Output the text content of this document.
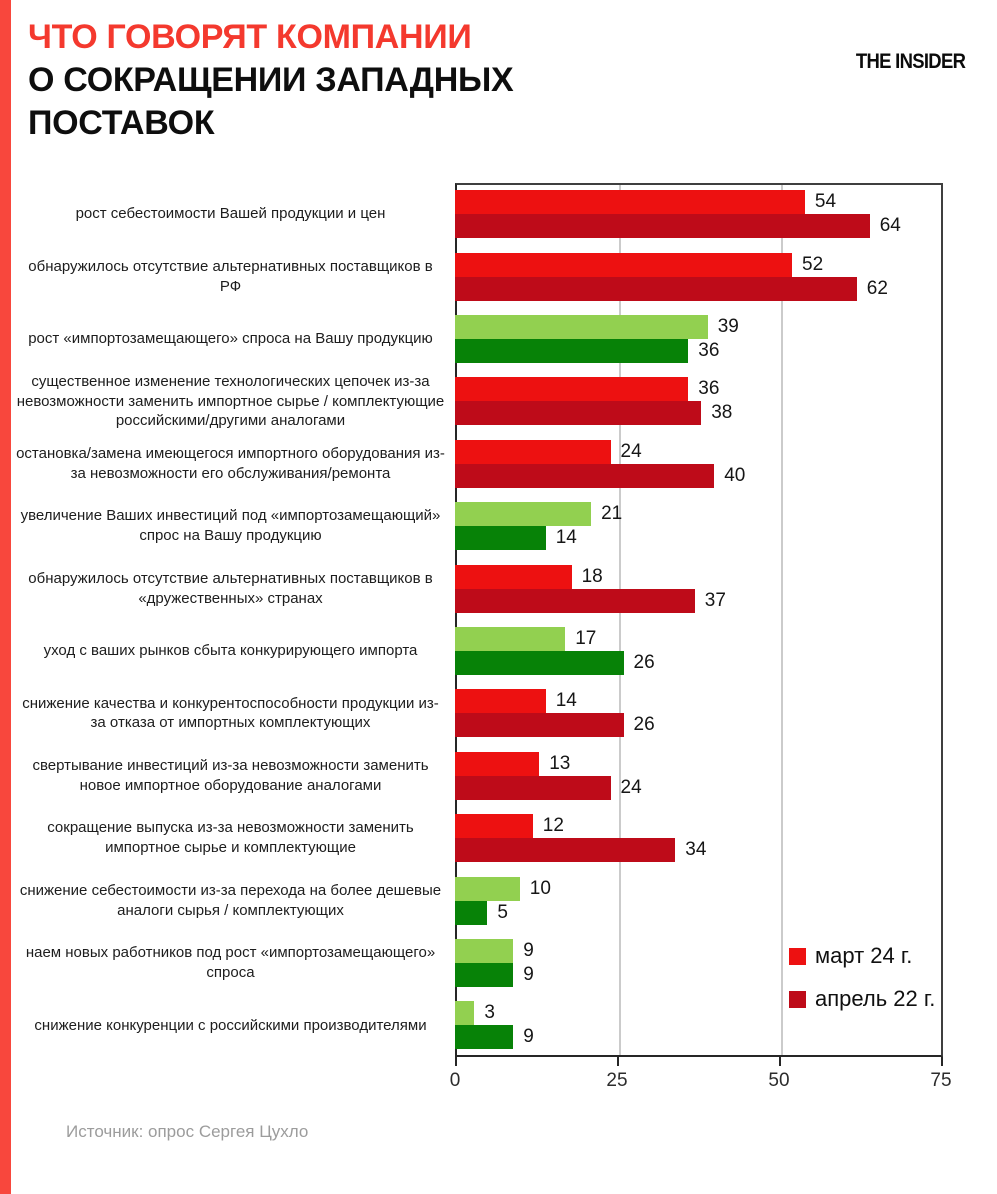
ЧТО ГОВОРЯТ КОМПАНИИ
О СОКРАЩЕНИИ ЗАПАДНЫХ
ПОСТАВОК
THE INSIDER
рост себестоимости Вашей продукции и цен
54
64
обнаружилось отсутствие альтернативных поставщиков в РФ
52
62
рост «импортозамещающего» спроса на Вашу продукцию
39
36
существенное изменение технологических цепочек из-за невозможности заменить импортное сырье / комплектующие российскими/другими аналогами
36
38
остановка/замена имеющегося импортного оборудования из-за невозможности его обслуживания/ремонта
24
40
увеличение Ваших инвестиций под «импортозамещающий» спрос на Вашу продукцию
21
14
обнаружилось отсутствие альтернативных поставщиков в «дружественных» странах
18
37
уход с ваших рынков сбыта конкурирующего импорта
17
26
снижение качества и конкурентоспособности продукции из-за отказа от импортных комплектующих
14
26
свертывание инвестиций из-за невозможности заменить новое импортное оборудование аналогами
13
24
сокращение выпуска из-за невозможности заменить импортное сырье и комплектующие
12
34
снижение себестоимости из-за перехода на более дешевые аналоги сырья / комплектующих
10
5
наем новых работников под рост «импортозамещающего» спроса
9
9
снижение конкуренции с российскими производителями
3
9
0	25	50	75
март 24 г.
апрель 22 г.
Источник: опрос Сергея Цухло
